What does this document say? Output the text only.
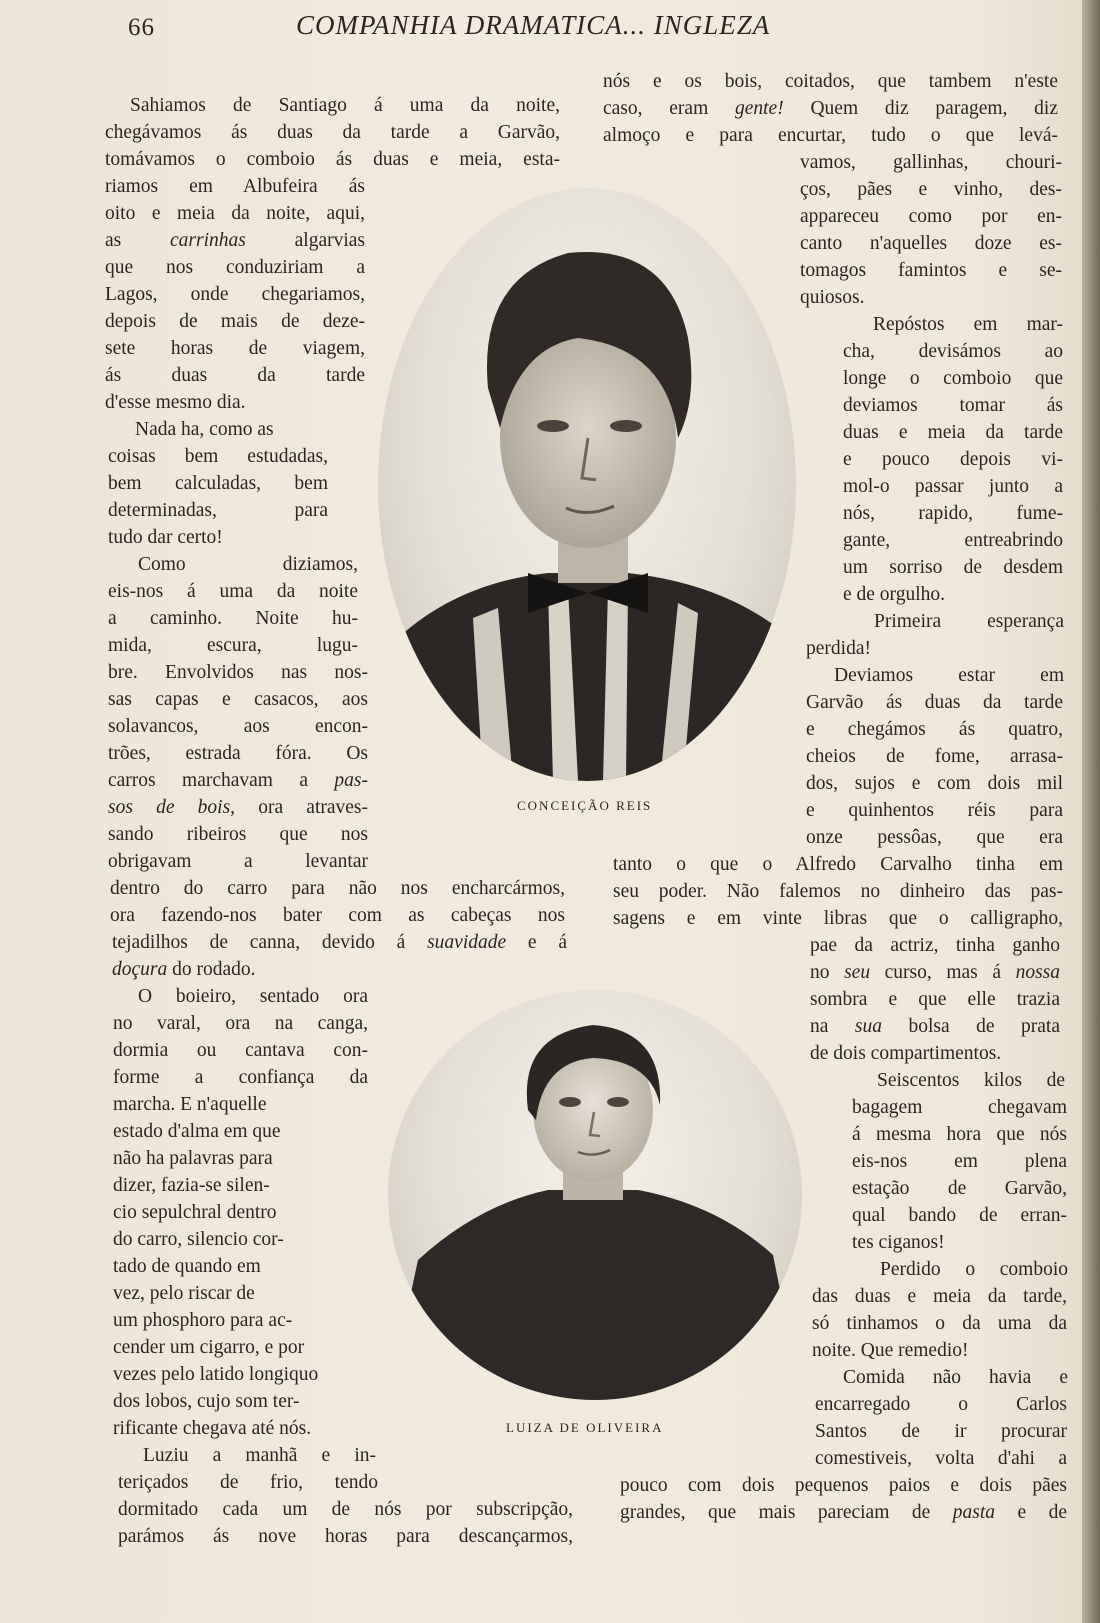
66	COMPANHIA DRAMATICA... INGLEZA
CONCEIÇÃO REIS
LUIZA DE OLIVEIRA
Sahiamos de Santiago á uma da noite,
chegávamos ás duas da tarde a Garvão,
tomávamos o comboio ás duas e meia, esta-
riamos em Albufeira ás
oito e meia da noite, aqui,
as carrinhas algarvias
que nos conduziriam a
Lagos, onde chegariamos,
depois de mais de deze-
sete horas de viagem,
ás duas da tarde
d'esse mesmo dia.
Nada ha, como as
coisas bem estudadas,
bem calculadas, bem
determinadas, para
tudo dar certo!
Como diziamos,
eis-nos á uma da noite
a caminho. Noite hu-
mida, escura, lugu-
bre. Envolvidos nas nos-
sas capas e casacos, aos
solavancos, aos encon-
trões, estrada fóra. Os
carros marchavam a pas-
sos de bois, ora atraves-
sando ribeiros que nos
obrigavam a levantar
dentro do carro para não nos encharcármos,
ora fazendo-nos bater com as cabeças nos
tejadilhos de canna, devido á suavidade e á
doçura do rodado.
O boieiro, sentado ora
no varal, ora na canga,
dormia ou cantava con-
forme a confiança da
marcha. E n'aquelle
estado d'alma em que
não ha palavras para
dizer, fazia-se silen-
cio sepulchral dentro
do carro, silencio cor-
tado de quando em
vez, pelo riscar de
um phosphoro para ac-
cender um cigarro, e por
vezes pelo latido longiquo
dos lobos, cujo som ter-
rificante chegava até nós.
Luziu a manhã e in-
teriçados de frio, tendo
dormitado cada um de nós por subscripção,
parámos ás nove horas para descançarmos,
nós e os bois, coitados, que tambem n'este
caso, eram gente! Quem diz paragem, diz
almoço e para encurtar, tudo o que levá-
vamos, gallinhas, chouri-
ços, pães e vinho, des-
appareceu como por en-
canto n'aquelles doze es-
tomagos famintos e se-
quiosos.
Repóstos em mar-
cha, devisámos ao
longe o comboio que
deviamos tomar ás
duas e meia da tarde
e pouco depois vi-
mol-o passar junto a
nós, rapido, fume-
gante, entreabrindo
um sorriso de desdem
e de orgulho.
Primeira esperança
perdida!
Deviamos estar em
Garvão ás duas da tarde
e chegámos ás quatro,
cheios de fome, arrasa-
dos, sujos e com dois mil
e quinhentos réis para
onze pessôas, que era
tanto o que o Alfredo Carvalho tinha em
seu poder. Não falemos no dinheiro das pas-
sagens e em vinte libras que o calligrapho,
pae da actriz, tinha ganho
no seu curso, mas á nossa
sombra e que elle trazia
na sua bolsa de prata
de dois compartimentos.
Seiscentos kilos de
bagagem chegavam
á mesma hora que nós
eis-nos em plena
estação de Garvão,
qual bando de erran-
tes ciganos!
Perdido o comboio
das duas e meia da tarde,
só tinhamos o da uma da
noite. Que remedio!
Comida não havia e
encarregado o Carlos
Santos de ir procurar
comestiveis, volta d'ahi a
pouco com dois pequenos paios e dois pães
grandes, que mais pareciam de pasta e de
